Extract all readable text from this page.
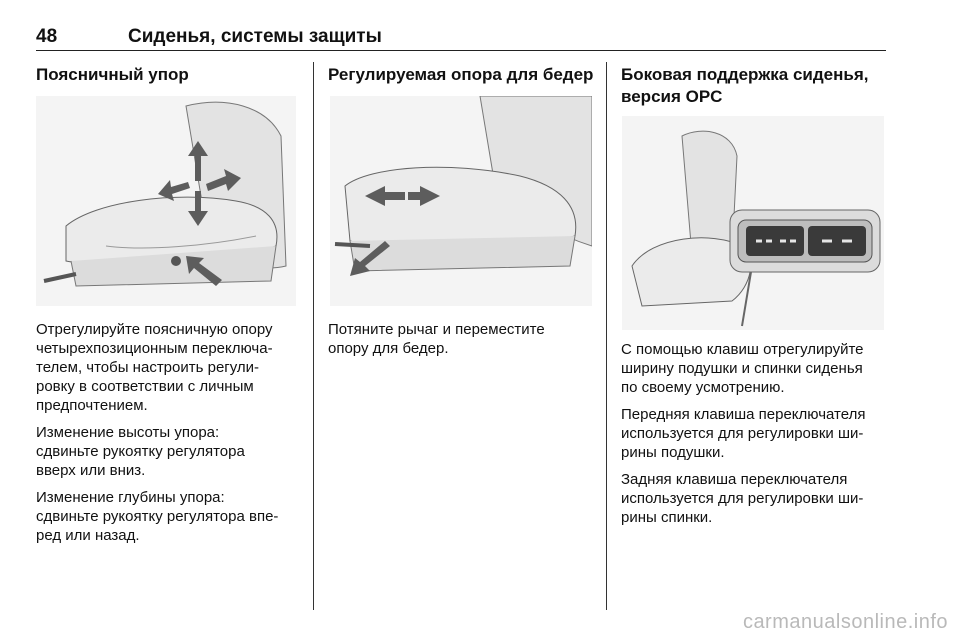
48	Сиденья, системы защиты
Поясничный упор

Отрегулируйте поясничную опору
четырехпозиционным переключа-
телем, чтобы настроить регули-
ровку в соответствии с личным
предпочтением.

Изменение высоты упора:
сдвиньте рукоятку регулятора
вверх или вниз.

Изменение глубины упора:
сдвиньте рукоятку регулятора впе-
ред или назад.

Регулируемая опора для бедер

Потяните рычаг и переместите
опору для бедер.

Боковая поддержка сиденья,
версия OPC

С помощью клавиш отрегулируйте
ширину подушки и спинки сиденья
по своему усмотрению.

Передняя клавиша переключателя
используется для регулировки ши-
рины подушки.

Задняя клавиша переключателя
используется для регулировки ши-
рины спинки.

carmanualsonline.info
